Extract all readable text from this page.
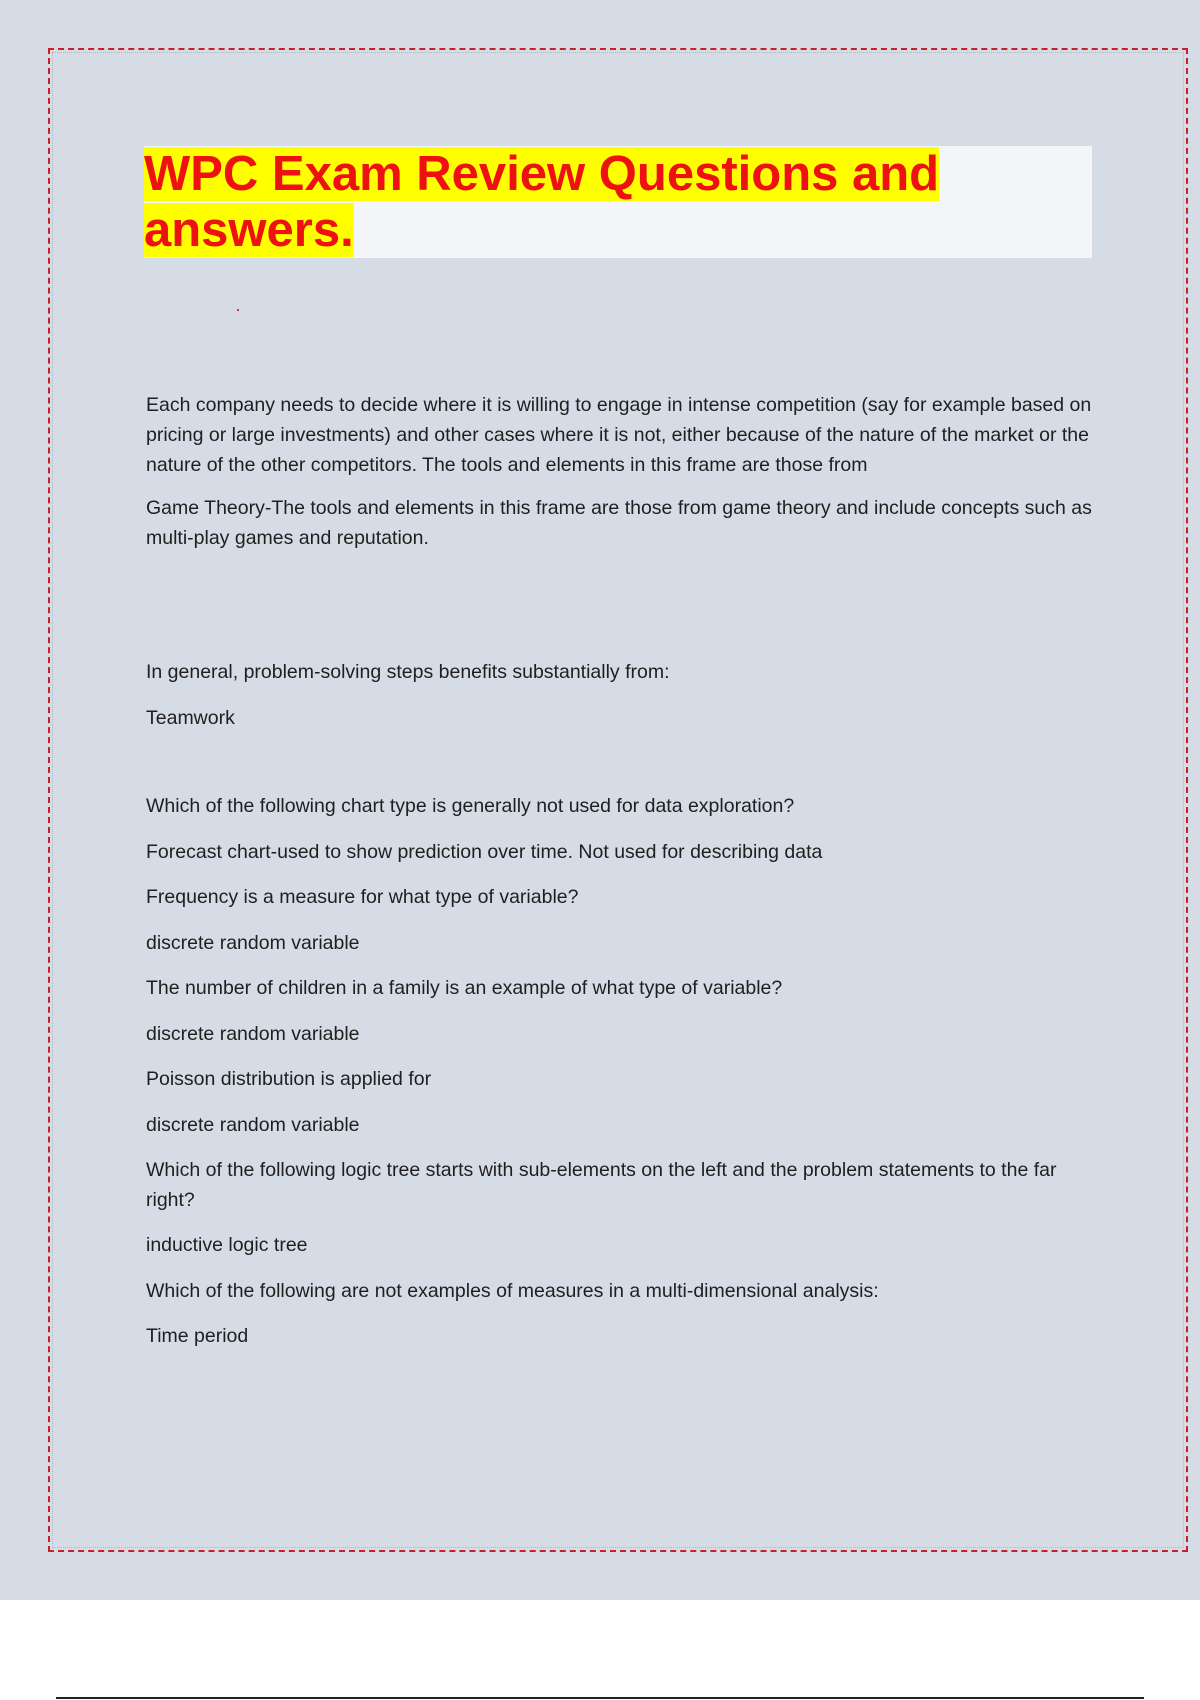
WPC Exam Review Questions and answers.

Each company needs to decide where it is willing to engage in intense competition (say for example based on pricing or large investments) and other cases where it is not, either because of the nature of the market or the nature of the other competitors. The tools and elements in this frame are those from

Game Theory-The tools and elements in this frame are those from game theory and include concepts such as multi-play games and reputation.

In general, problem-solving steps benefits substantially from:

Teamwork

Which of the following chart type is generally not used for data exploration?

Forecast chart-used to show prediction over time. Not used for describing data

Frequency is a measure for what type of variable?

discrete random variable

The number of children in a family is an example of what type of variable?

discrete random variable

Poisson distribution is applied for

discrete random variable

Which of the following logic tree starts with sub-elements on the left and the problem statements to the far right?

inductive logic tree

Which of the following are not examples of measures in a multi-dimensional analysis:

Time period
